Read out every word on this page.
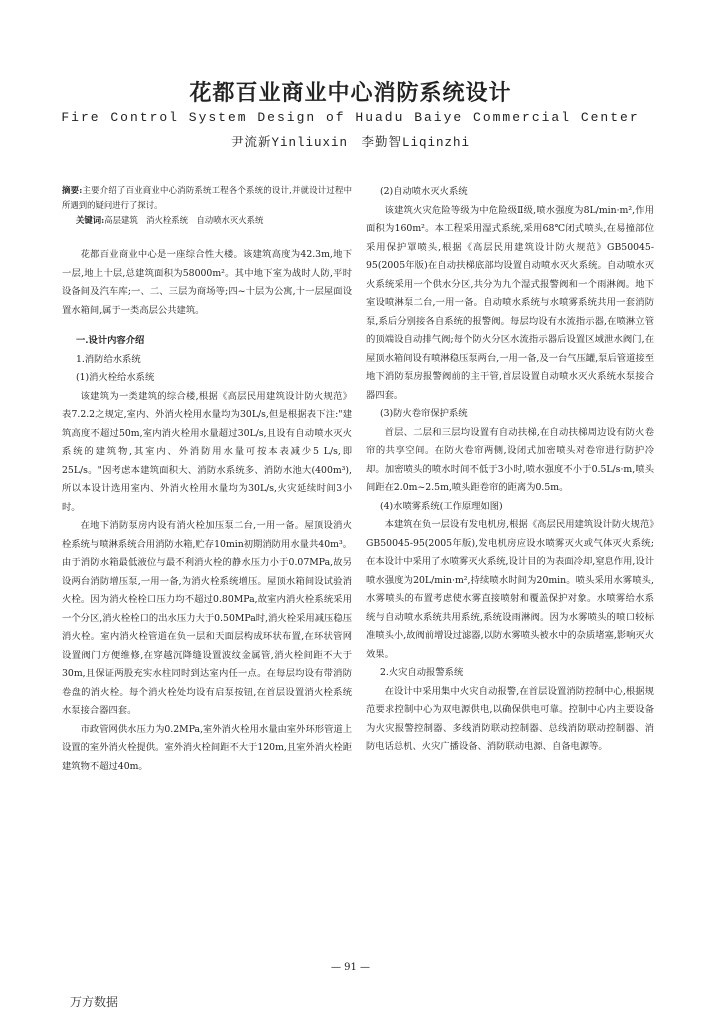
花都百业商业中心消防系统设计
Fire Control System Design of Huadu Baiye Commercial Center
尹流新Yinliuxin　李勤智Liqinzhi
摘要:主要介绍了百业商业中心消防系统工程各个系统的设计,并就设计过程中所遇到的疑问进行了探讨。
关键词:高层建筑　消火栓系统　自动喷水灭火系统

花都百业商业中心是一座综合性大楼。该建筑高度为42.3m,地下一层,地上十层,总建筑面积为58000m²。其中地下室为战时人防,平时设备间及汽车库;一、二、三层为商场等;四~十层为公寓,十一层屋面设置水箱间,属于一类高层公共建筑。

一.设计内容介绍
1.消防给水系统
(1)消火栓给水系统

该建筑为一类建筑的综合楼,根据《高层民用建筑设计防火规范》表7.2.2之规定,室内、外消火栓用水量均为30L/s,但是根据表下注:"建筑高度不超过50m,室内消火栓用水量超过30L/s,且设有自动喷水灭火系统的建筑物,其室内、外消防用水量可按本表减少5 L/s,即25L/s。"因考虑本建筑面积大、消防水系统多、消防水池大(400m³),所以本设计选用室内、外消火栓用水量均为30L/s,火灾延续时间3小时。

在地下消防泵房内设有消火栓加压泵二台,一用一备。屋顶设消火栓系统与喷淋系统合用消防水箱,贮存10min初期消防用水量共40m³。由于消防水箱最低液位与最不利消火栓的静水压力小于0.07MPa,故另设两台消防增压泵,一用一备,为消火栓系统增压。屋顶水箱间设试验消火栓。因为消火栓栓口压力均不超过0.80MPa,故室内消火栓系统采用一个分区,消火栓栓口的出水压力大于0.50MPa时,消火栓采用减压稳压消火栓。室内消火栓管道在负一层和天面层构成环状布置,在环状管网设置阀门方便维修,在穿越沉降缝设置波纹金属管,消火栓间距不大于30m,且保证两股充实水柱同时到达室内任一点。在每层均设有带消防卷盘的消火栓。每个消火栓处均设有启泵按钮,在首层设置消火栓系统水泵接合器四套。

市政管网供水压力为0.2MPa,室外消火栓用水量由室外环形管道上设置的室外消火栓提供。室外消火栓间距不大于120m,且室外消火栓距建筑物不超过40m。

(2)自动喷水灭火系统

该建筑火灾危险等级为中危险级Ⅱ级,喷水强度为8L/min·m²,作用面积为160m²。本工程采用湿式系统,采用68℃闭式喷头,在易撞部位采用保护罩喷头,根据《高层民用建筑设计防火规范》GB50045-95(2005年版)在自动扶梯底部均设置自动喷水灭火系统。自动喷水灭火系统采用一个供水分区,共分为九个湿式报警阀和一个雨淋阀。地下室设喷淋泵二台,一用一备。自动喷水系统与水喷雾系统共用一套消防泵,系后分别接各自系统的报警阀。每层均设有水流指示器,在喷淋立管的顶端设自动排气阀;每个防火分区水流指示器后设置区域泄水阀门,在屋顶水箱间设有喷淋稳压泵两台,一用一备,及一台气压罐,泵后管道接至地下消防泵房报警阀前的主干管,首层设置自动喷水灭火系统水泵接合器四套。

(3)防火卷帘保护系统

首层、二层和三层均设置有自动扶梯,在自动扶梯周边设有防火卷帘的共享空间。在防火卷帘两侧,设闭式加密喷头对卷帘进行防护冷却。加密喷头的喷水时间不低于3小时,喷水强度不小于0.5L/s·m,喷头间距在2.0m~2.5m,喷头距卷帘的距离为0.5m。

(4)水喷雾系统(工作原理如图)

本建筑在负一层设有发电机房,根据《高层民用建筑设计防火规范》GB50045-95(2005年版),发电机房应设水喷雾灭火或气体灭火系统;在本设计中采用了水喷雾灭火系统,设计目的为表面冷却,窒息作用,设计喷水强度为20L/min·m²,持续喷水时间为20min。喷头采用水雾喷头,水雾喷头的布置考虑使水雾直接喷射和覆盖保护对象。水喷雾给水系统与自动喷水系统共用系统,系统设雨淋阀。因为水雾喷头的喷口较标准喷头小,故阀前增设过滤器,以防水雾喷头被水中的杂质堵塞,影响灭火效果。

2.火灾自动报警系统

在设计中采用集中火灾自动报警,在首层设置消防控制中心,根据规范要求控制中心为双电源供电,以确保供电可靠。控制中心内主要设备为火灾报警控制器、多线消防联动控制器、总线消防联动控制器、消防电话总机、火灾广播设备、消防联动电源、自备电源等。

— 91 —
万方数据
